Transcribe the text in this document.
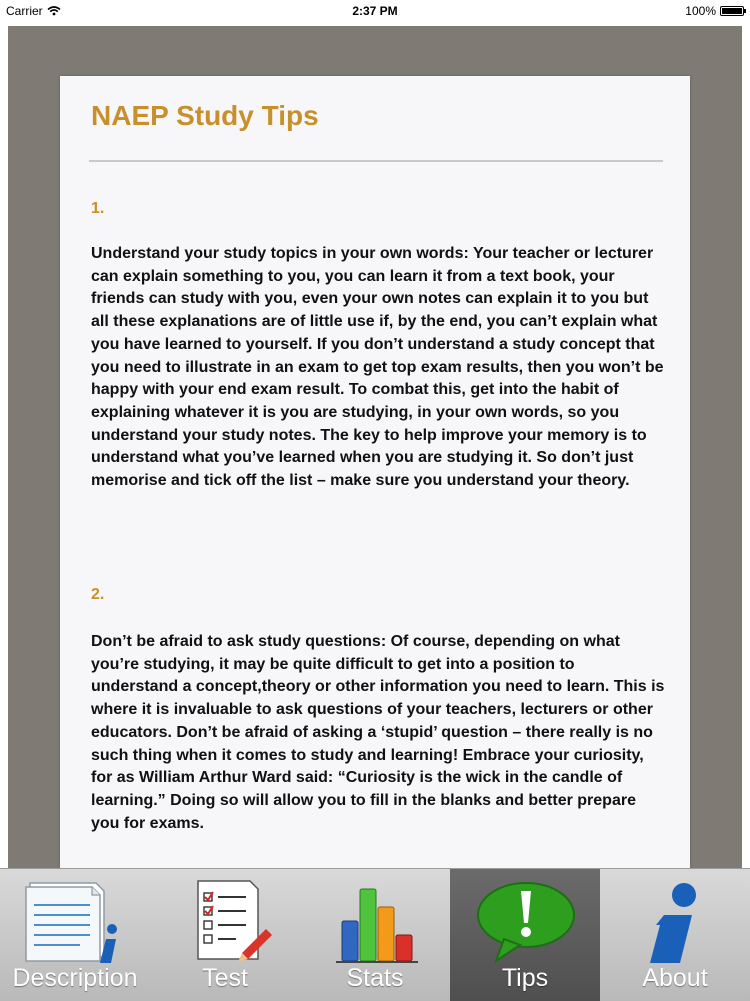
Carrier	2:37 PM	100%
NAEP Study Tips

1.

Understand your study topics in your own words: Your teacher or lecturer can explain something to you, you can learn it from a text book, your friends can study with you, even your own notes can explain it to you but all these explanations are of little use if, by the end, you can’t explain what you have learned to yourself. If you don’t understand a study concept that you need to illustrate in an exam to get top exam results, then you won’t be happy with your end exam result. To combat this, get into the habit of explaining whatever it is you are studying, in your own words, so you understand your study notes. The key to help improve your memory is to understand what you’ve learned when you are studying it. So don’t just memorise and tick off the list – make sure you understand your theory.

2.

Don’t be afraid to ask study questions: Of course, depending on what you’re studying, it may be quite difficult to get into a position to understand a concept,theory or other information you need to learn. This is where it is invaluable to ask questions of your teachers, lecturers or other educators. Don’t be afraid of asking a ‘stupid’ question – there really is no such thing when it comes to study and learning! Embrace your curiosity, for as William Arthur Ward said: “Curiosity is the wick in the candle of learning.” Doing so will allow you to fill in the blanks and better prepare you for exams.

Description	Test	Stats	Tips	About
